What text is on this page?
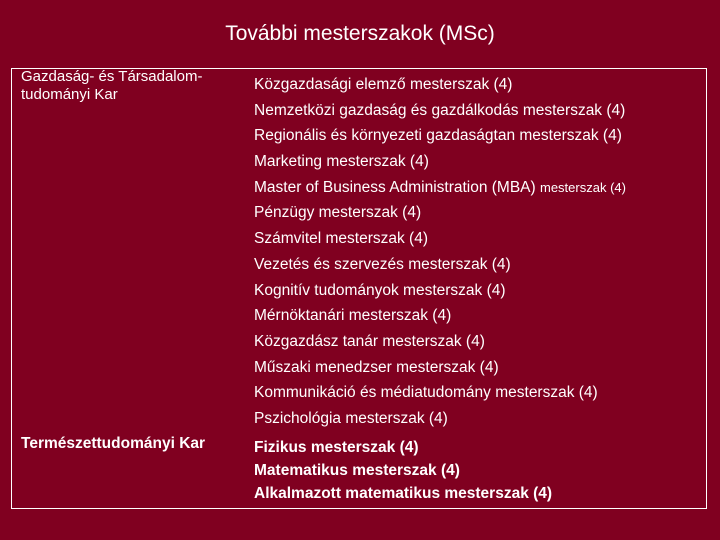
További mesterszakok (MSc)
Gazdaság- és Társadalom-
tudományi Kar
Közgazdasági elemző mesterszak (4)
Nemzetközi gazdaság és gazdálkodás mesterszak (4)
Regionális és környezeti gazdaságtan mesterszak (4)
Marketing mesterszak (4)
Master of Business Administration (MBA) mesterszak (4)
Pénzügy mesterszak (4)
Számvitel mesterszak (4)
Vezetés és szervezés mesterszak (4)
Kognitív tudományok mesterszak (4)
Mérnöktanári mesterszak (4)
Közgazdász tanár mesterszak (4)
Műszaki menedzser mesterszak (4)
Kommunikáció és médiatudomány mesterszak (4)
Pszichológia mesterszak (4)
Természettudományi Kar	Fizikus mesterszak (4)
Matematikus mesterszak (4)
Alkalmazott matematikus mesterszak (4)
